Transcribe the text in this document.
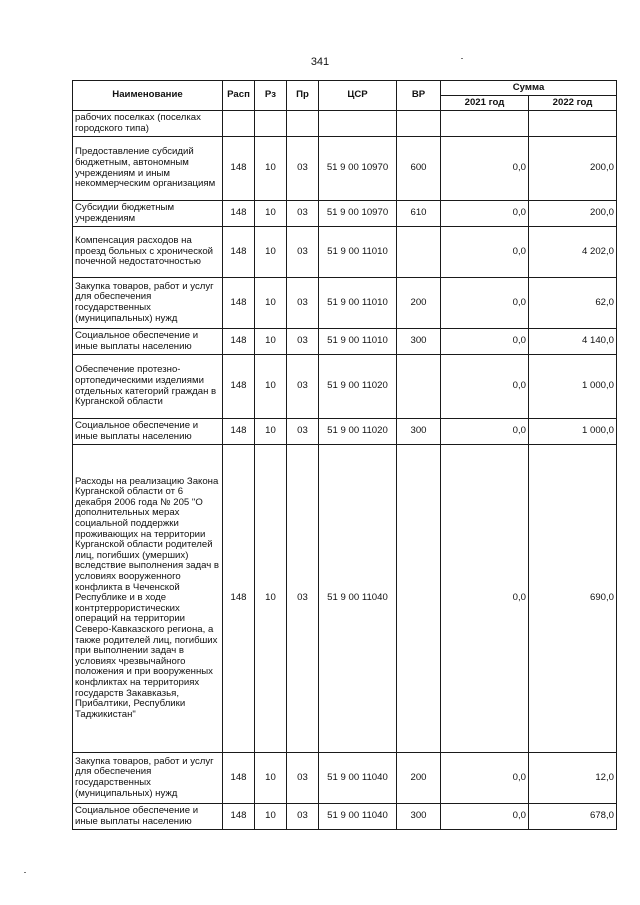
341
Наименование	Расп	Рз	Пр	ЦСР	ВР	Сумма	
						2021 год	2022 год
рабочих поселках (поселках городского типа)							
Предоставление субсидий бюджетным, автономным учреждениям и иным некоммерческим организациям	148	10	03	51 9 00 10970	600	0,0	200,0
Субсидии бюджетным учреждениям	148	10	03	51 9 00 10970	610	0,0	200,0
Компенсация расходов на проезд больных с хронической почечной недостаточностью	148	10	03	51 9 00 11010		0,0	4 202,0
Закупка товаров, работ и услуг для обеспечения государственных (муниципальных) нужд	148	10	03	51 9 00 11010	200	0,0	62,0
Социальное обеспечение и иные выплаты населению	148	10	03	51 9 00 11010	300	0,0	4 140,0
Обеспечение протезно-ортопедическими изделиями отдельных категорий граждан в Курганской области	148	10	03	51 9 00 11020		0,0	1 000,0
Социальное обеспечение и иные выплаты населению	148	10	03	51 9 00 11020	300	0,0	1 000,0
Расходы на реализацию Закона Курганской области от 6 декабря 2006 года № 205 "О дополнительных мерах социальной поддержки проживающих на территории Курганской области родителей лиц, погибших (умерших) вследствие выполнения задач в условиях вооруженного конфликта в Чеченской Республике и в ходе контртеррористических операций на территории Северо-Кавказского региона, а также родителей лиц, погибших при выполнении задач в условиях чрезвычайного положения и при вооруженных конфликтах на территориях государств Закавказья, Прибалтики, Республики Таджикистан"	148	10	03	51 9 00 11040		0,0	690,0
Закупка товаров, работ и услуг для обеспечения государственных (муниципальных) нужд	148	10	03	51 9 00 11040	200	0,0	12,0
Социальное обеспечение и иные выплаты населению	148	10	03	51 9 00 11040	300	0,0	678,0
